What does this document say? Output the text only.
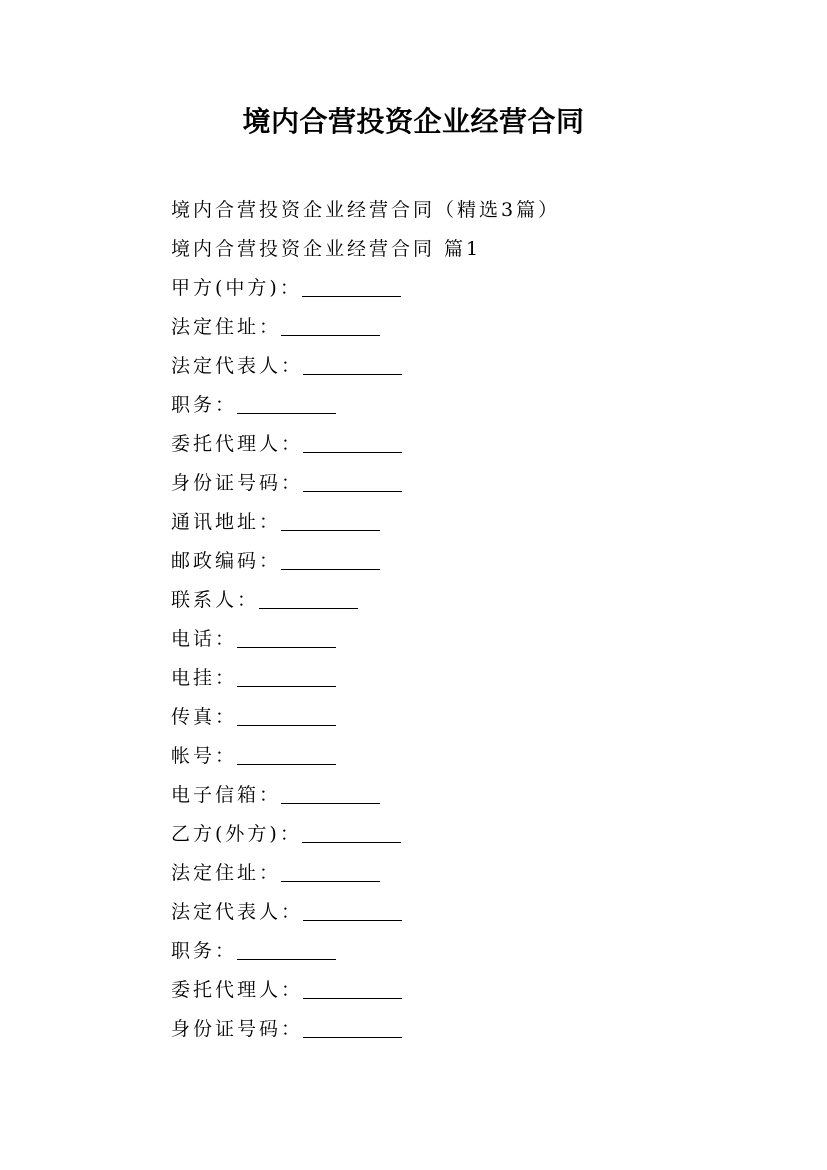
境内合营投资企业经营合同
境内合营投资企业经营合同（精选3篇）
境内合营投资企业经营合同 篇1
甲方(中方)：
法定住址：
法定代表人：
职务：
委托代理人：
身份证号码：
通讯地址：
邮政编码：
联系人：
电话：
电挂：
传真：
帐号：
电子信箱：
乙方(外方)：
法定住址：
法定代表人：
职务：
委托代理人：
身份证号码：
